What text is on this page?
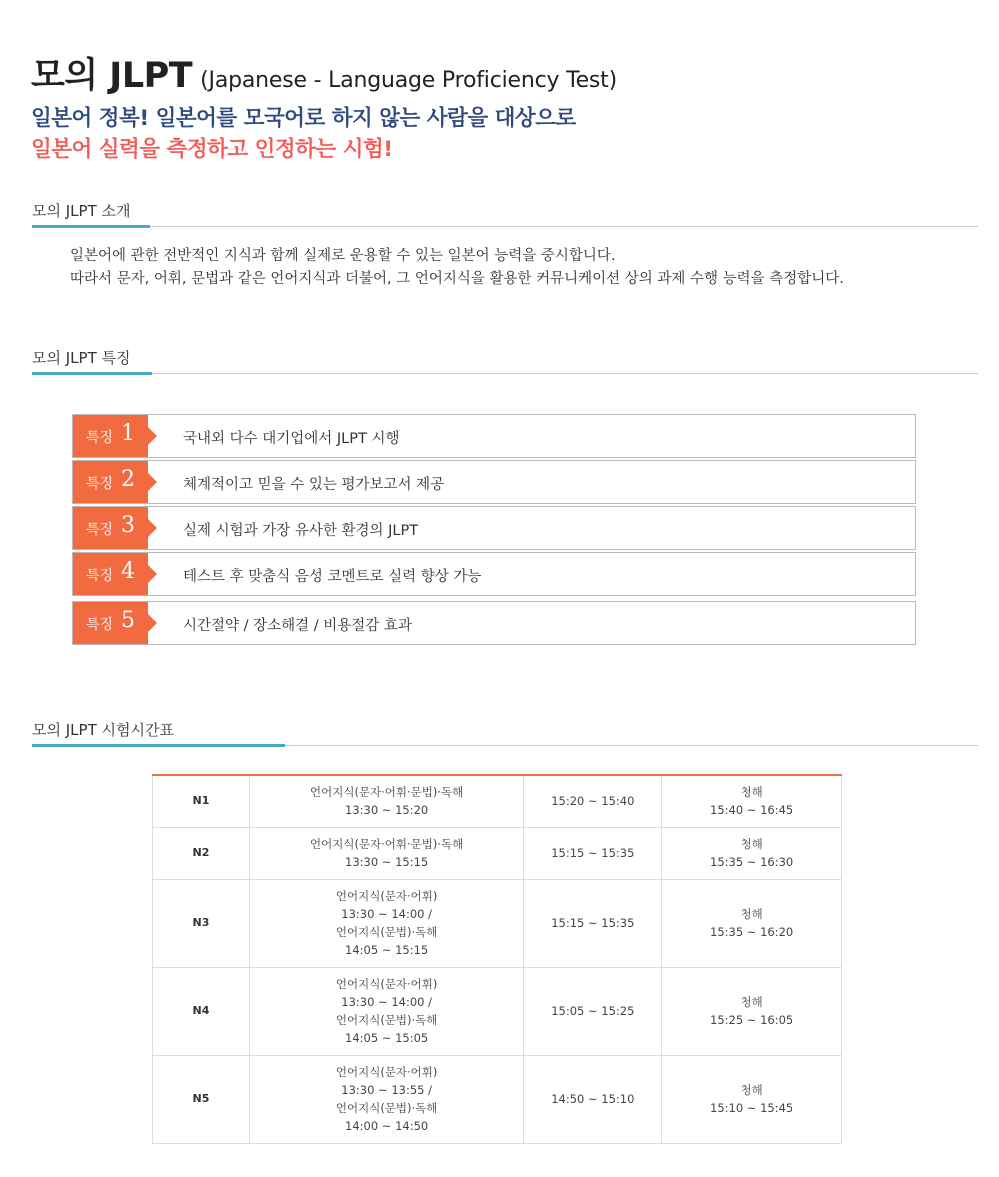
모의 JLPT (Japanese - Language Proficiency Test)
일본어 정복! 일본어를 모국어로 하지 않는 사람을 대상으로
일본어 실력을 측정하고 인정하는 시험!
모의 JLPT 소개
일본어에 관한 전반적인 지식과 함께 실제로 운용할 수 있는 일본어 능력을 중시합니다.
따라서 문자, 어휘, 문법과 같은 언어지식과 더불어, 그 언어지식을 활용한 커뮤니케이션 상의 과제 수행 능력을 측정합니다.
모의 JLPT 특징
특징 1	국내외 다수 대기업에서 JLPT 시행
특징 2	체계적이고 믿을 수 있는 평가보고서 제공
특징 3	실제 시험과 가장 유사한 환경의 JLPT
특징 4	테스트 후 맞춤식 음성 코멘트로 실력 향상 가능
특징 5	시간절약 / 장소해결 / 비용절감 효과
모의 JLPT 시험시간표
N1	언어지식(문자·어휘·문법)·독해
13:30 ~ 15:20	15:20 ~ 15:40	청해
15:40 ~ 16:45

N2	언어지식(문자·어휘·문법)·독해
13:30 ~ 15:15	15:15 ~ 15:35	청해
15:35 ~ 16:30

N3	언어지식(문자·어휘)
13:30 ~ 14:00 /
언어지식(문법)·독해
14:05 ~ 15:15	15:15 ~ 15:35	청해
15:35 ~ 16:20

N4	언어지식(문자·어휘)
13:30 ~ 14:00 /
언어지식(문법)·독해
14:05 ~ 15:05	15:05 ~ 15:25	청해
15:25 ~ 16:05

N5	언어지식(문자·어휘)
13:30 ~ 13:55 /
언어지식(문법)·독해
14:00 ~ 14:50	14:50 ~ 15:10	청해
15:10 ~ 15:45
